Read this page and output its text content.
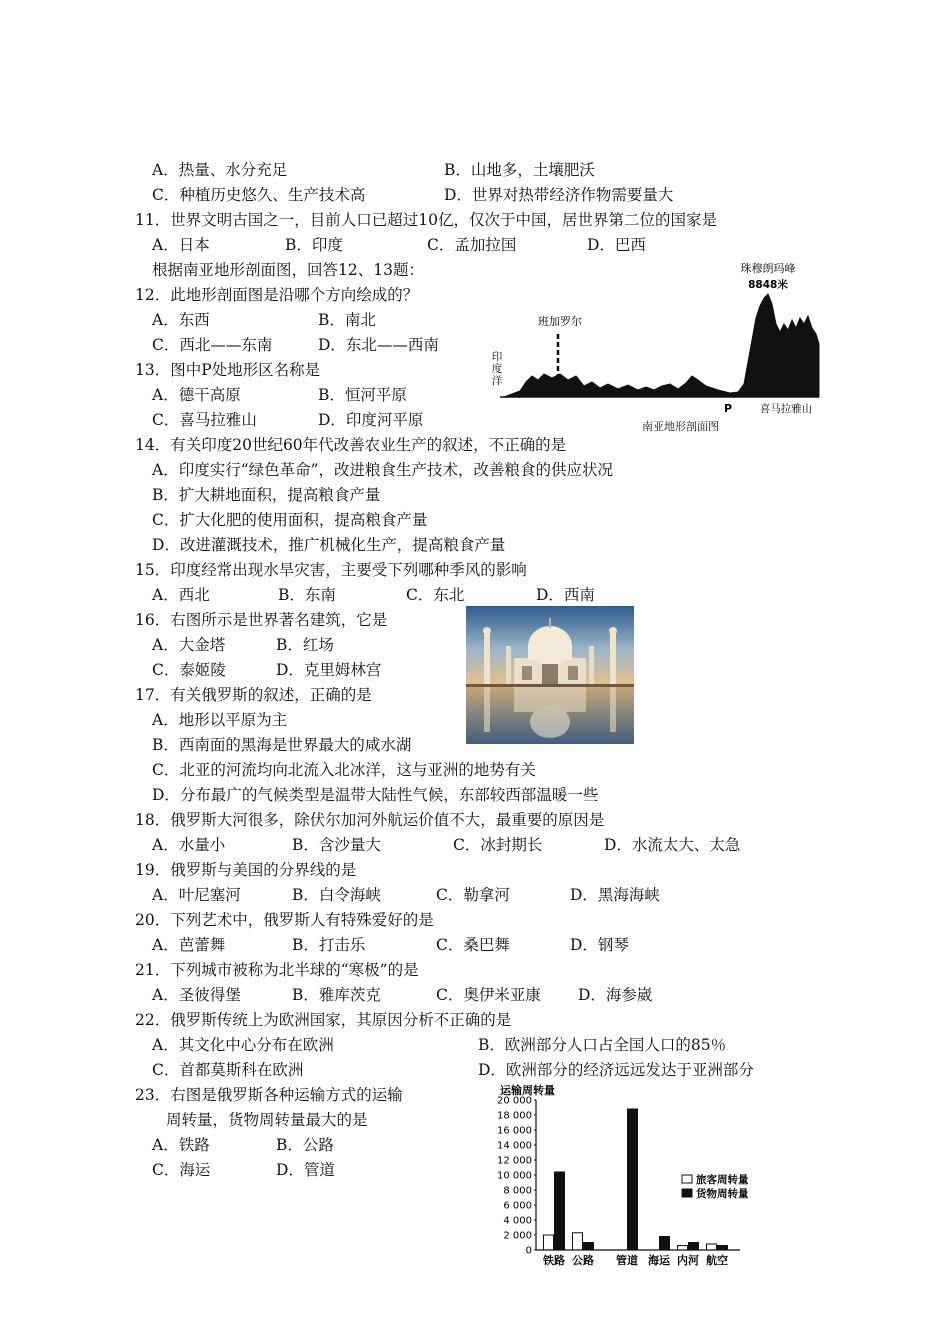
A．热量、水分充足	B．山地多，土壤肥沃
C．种植历史悠久、生产技术高	D．世界对热带经济作物需要量大
11．世界文明古国之一，目前人口已超过10亿，仅次于中国，居世界第二位的国家是
A．日本	B．印度	C．孟加拉国	D．巴西
根据南亚地形剖面图，回答12、13题：
12．此地形剖面图是沿哪个方向绘成的？
A．东西	B．南北
C．西北——东南	D．东北——西南
13．图中P处地形区名称是
A．德干高原	B．恒河平原
C．喜马拉雅山	D．印度河平原
14．有关印度20世纪60年代改善农业生产的叙述，不正确的是
A．印度实行“绿色革命”，改进粮食生产技术，改善粮食的供应状况
B．扩大耕地面积，提高粮食产量
C．扩大化肥的使用面积，提高粮食产量
D．改进灌溉技术，推广机械化生产，提高粮食产量
15．印度经常出现水旱灾害，主要受下列哪种季风的影响
A．西北	B．东南	C．东北	D．西南
16．右图所示是世界著名建筑，它是
A．大金塔	B．红场
C．泰姬陵	D．克里姆林宫
17．有关俄罗斯的叙述，正确的是
A．地形以平原为主
B．西南面的黑海是世界最大的咸水湖
C．北亚的河流均向北流入北冰洋，这与亚洲的地势有关
D．分布最广的气候类型是温带大陆性气候，东部较西部温暖一些
18．俄罗斯大河很多，除伏尔加河外航运价值不大，最重要的原因是
A．水量小	B．含沙量大	C．冰封期长	D．水流太大、太急
19．俄罗斯与美国的分界线的是
A．叶尼塞河	B．白令海峡	C．勒拿河	D．黑海海峡
20．下列艺术中，俄罗斯人有特殊爱好的是
A．芭蕾舞	B．打击乐	C．桑巴舞	D．钢琴
21．下列城市被称为北半球的“寒极”的是
A．圣彼得堡	B．雅库茨克	C．奥伊米亚康 D．海参崴
22．俄罗斯传统上为欧洲国家，其原因分析不正确的是
A．其文化中心分布在欧洲	B．欧洲部分人口占全国人口的85％
C．首都莫斯科在欧洲	D．欧洲部分的经济远远发达于亚洲部分
23．右图是俄罗斯各种运输方式的运输
周转量，货物周转量最大的是
A．铁路	B．公路
C．海运	D．管道
珠穆朗玛峰
8848米
班加罗尔
印
度
洋
P	喜马拉雅山
南亚地形剖面图
运输周转量
0
2 000
4 000
6 000
8 000
10 000
12 000
14 000
16 000
18 000
20 000
铁路 公路 管道 海运 内河 航空
旅客周转量
货物周转量
